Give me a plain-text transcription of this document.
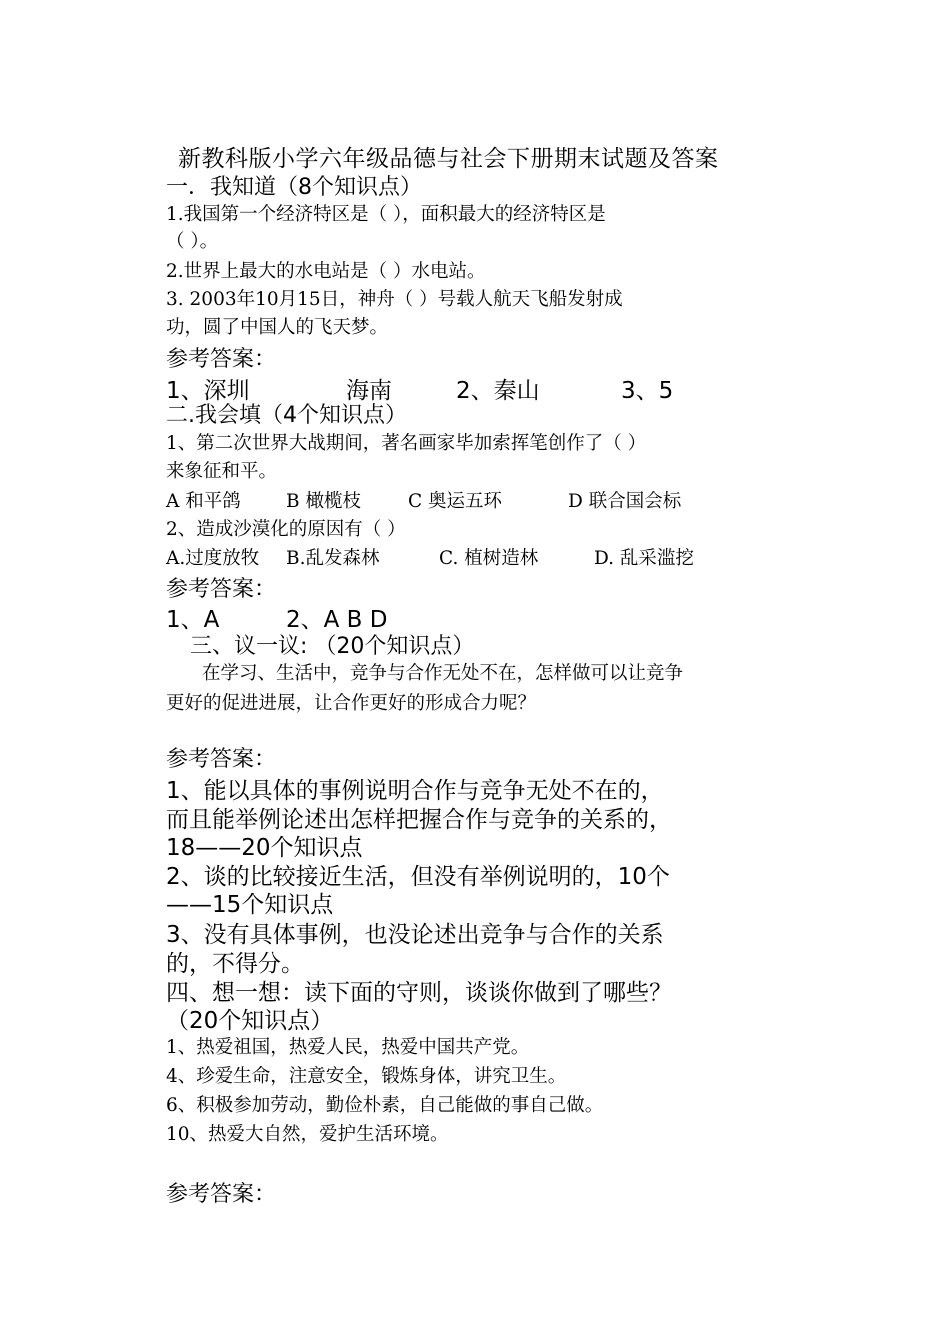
新教科版小学六年级品德与社会下册期末试题及答案
一．我知道（8个知识点）
1.我国第一个经济特区是（ ），面积最大的经济特区是
（ ）。
2.世界上最大的水电站是（ ）水电站。
3. 2003年10月15日，神舟（ ）号载人航天飞船发射成
功，圆了中国人的飞天梦。
参考答案：
1、深圳	海南	2、秦山	3、5
二.我会填（4个知识点）
1、第二次世界大战期间，著名画家毕加索挥笔创作了（ ）
来象征和平。
A 和平鸽 B 橄榄枝	C 奥运五环	D 联合国会标
2、造成沙漠化的原因有（ ）
A.过度放牧 B.乱发森林	C. 植树造林	D. 乱采滥挖
参考答案：
1、A	2、A B D
三、议一议: （20个知识点）
在学习、生活中，竞争与合作无处不在，怎样做可以让竞争
更好的促进进展，让合作更好的形成合力呢？
参考答案：
1、能以具体的事例说明合作与竞争无处不在的，
而且能举例论述出怎样把握合作与竞争的关系的，
18——20个知识点
2、谈的比较接近生活，但没有举例说明的，10个
——15个知识点
3、没有具体事例，也没论述出竞争与合作的关系
的，不得分。
四、想一想：读下面的守则，谈谈你做到了哪些？
（20个知识点）
1、热爱祖国，热爱人民，热爱中国共产党。
4、珍爱生命，注意安全，锻炼身体，讲究卫生。
6、积极参加劳动，勤俭朴素，自己能做的事自己做。
10、热爱大自然，爱护生活环境。
参考答案：
